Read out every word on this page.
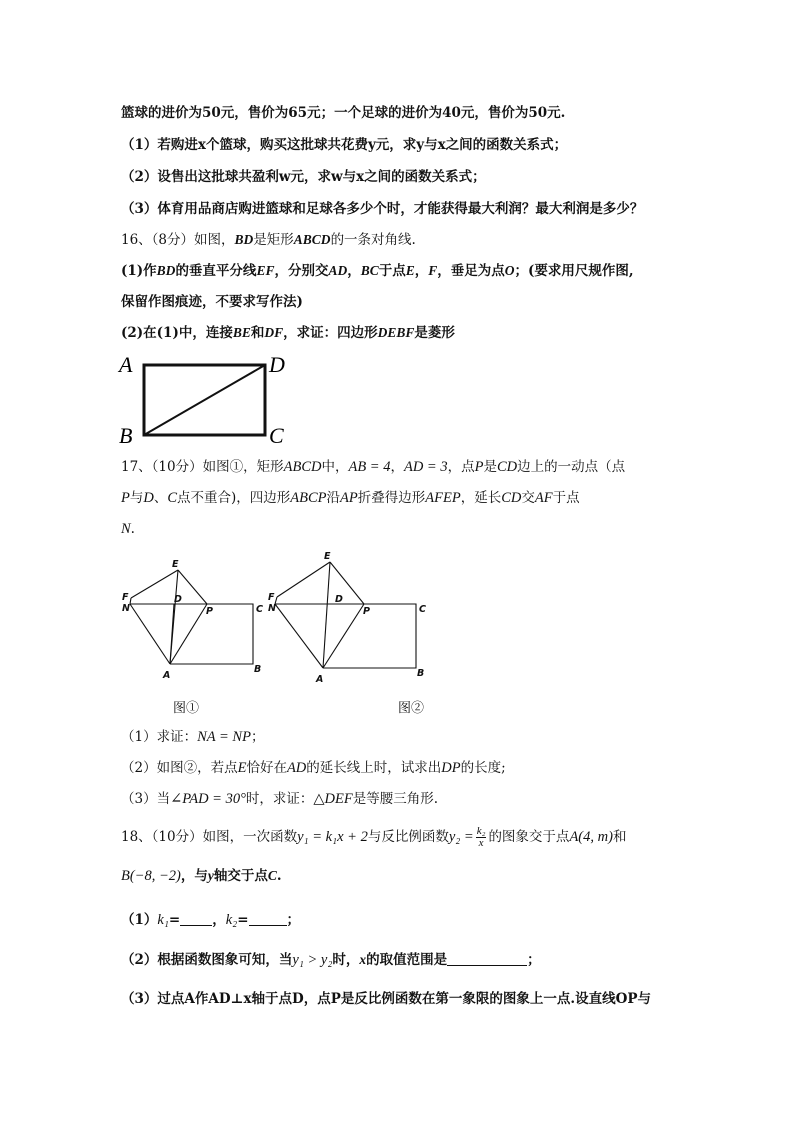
篮球的进价为50元，售价为65元；一个足球的进价为40元，售价为50元.
（1）若购进x个篮球，购买这批球共花费y元，求y与x之间的函数关系式；
（2）设售出这批球共盈利w元，求w与x之间的函数关系式；
（3）体育用品商店购进篮球和足球各多少个时，才能获得最大利润？最大利润是多少？
16、（8分）如图，BD是矩形ABCD的一条对角线.
(1)作BD的垂直平分线EF，分别交AD，BC于点E，F，垂足为点O；(要求用尺规作图,
保留作图痕迹，不要求写作法)
(2)在(1)中，连接BE和DF，求证：四边形DEBF是菱形
A	D
B	C
17、（10分）如图①，矩形ABCD中，AB = 4，AD = 3，点P是CD边上的一动点（点
P与D、C点不重合)，四边形ABCP沿AP折叠得边形AFEP，延长CD交AF于点
N.
E
F
N
D
P	C
A
B
E
F
N
D
P	C
A
B
图①	图②
（1）求证：NA = NP；
（2）如图②，若点E恰好在AD的延长线上时，试求出DP的长度;
（3）当∠PAD = 30°时，求证：△DEF是等腰三角形.
18、（10分）如图，一次函数y₁ = k₁x + 2与反比例函数$y_2 = \frac{\text{k₂}}{x}$ 的图象交于点A(4, m)和
B(−8, −2)，与y轴交于点C.
（1）k₁= ，k₂=	；
（2）根据函数图象可知，当y₁ > y₂时，x的取值范围是	；
（3）过点A作AD⊥x轴于点D，点P是反比例函数在第一象限的图象上一点.设直线OP与
